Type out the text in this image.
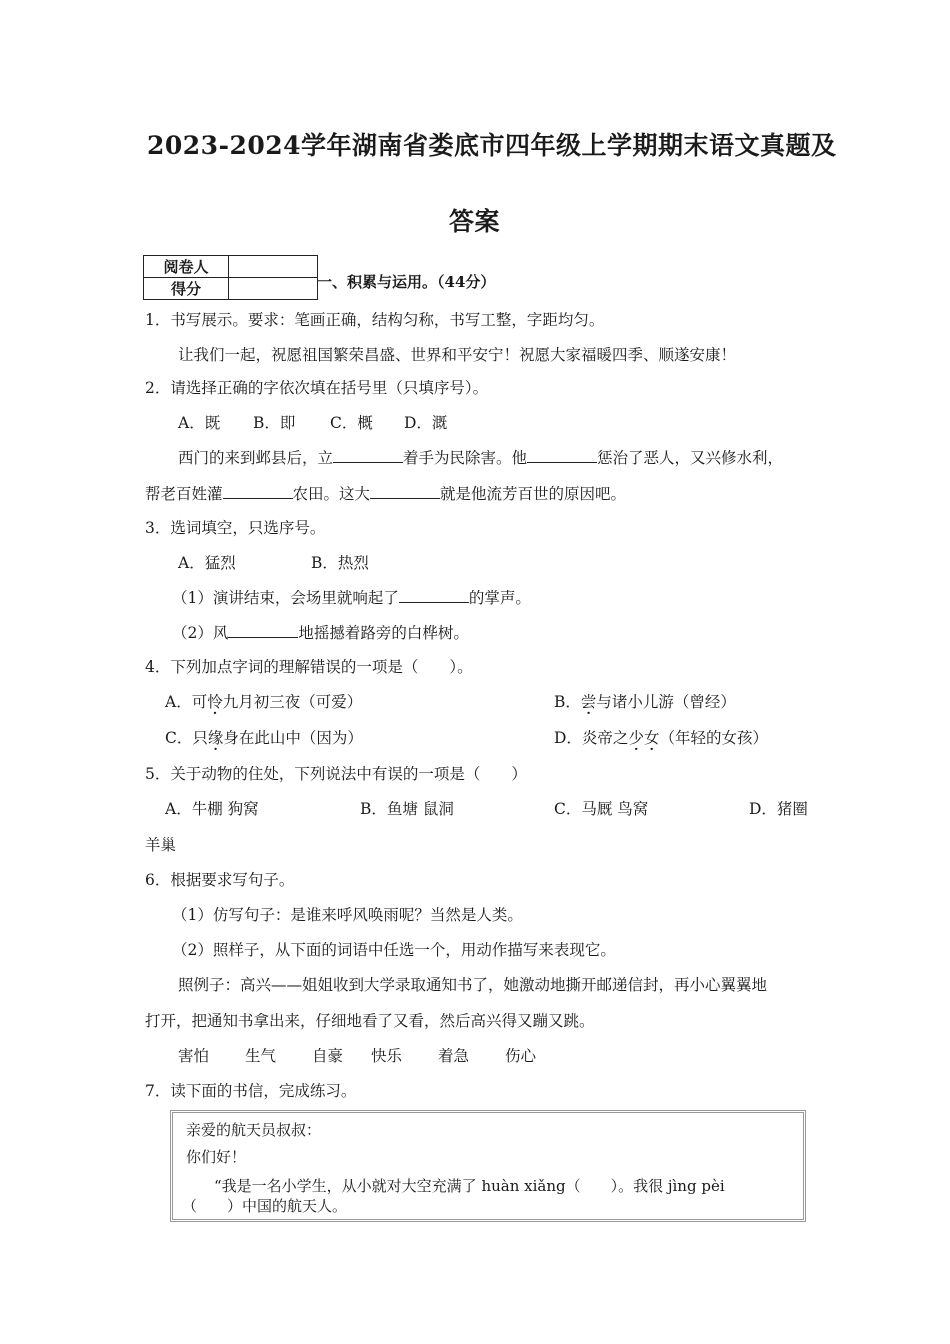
2023-2024学年湖南省娄底市四年级上学期期末语文真题及
答案
阅卷人	
得分		一、积累与运用。（44分）
1．书写展示。要求：笔画正确，结构匀称，书写工整，字距均匀。
让我们一起，祝愿祖国繁荣昌盛、世界和平安宁！祝愿大家福暖四季、顺遂安康！
2．请选择正确的字依次填在括号里（只填序号）。
A．既 B．即 C．概 D．溉
西门的来到邺县后，立	着手为民除害。他	惩治了恶人，又兴修水利，
帮老百姓灌	农田。这大	就是他流芳百世的原因吧。
3．选词填空，只选序号。
A．猛烈	B．热烈
（1）演讲结束，会场里就响起了	的掌声。
（2）风	地摇撼着路旁的白桦树。
4．下列加点字词的理解错误的一项是（　　）。
A．可怜九月初三夜（可爱）	B．尝与诸小儿游（曾经）
C．只缘身在此山中（因为）	D．炎帝之少女（年轻的女孩）
5．关于动物的住处，下列说法中有误的一项是（　　）
A．牛棚 狗窝	B．鱼塘 鼠洞	C．马厩 鸟窝	D．猪圈
羊巢
6．根据要求写句子。
（1）仿写句子：是谁来呼风唤雨呢？当然是人类。
（2）照样子，从下面的词语中任选一个，用动作描写来表现它。
照例子：高兴——姐姐收到大学录取通知书了，她激动地撕开邮递信封，再小心翼翼地
打开，把通知书拿出来，仔细地看了又看，然后高兴得又蹦又跳。
害怕 生气 自豪 快乐 着急 伤心
7．读下面的书信，完成练习。
亲爱的航天员叔叔：
你们好！
“我是一名小学生，从小就对大空充满了 huàn xiǎng（　　）。我很 jìng pèi
（　　）中国的航天人。
